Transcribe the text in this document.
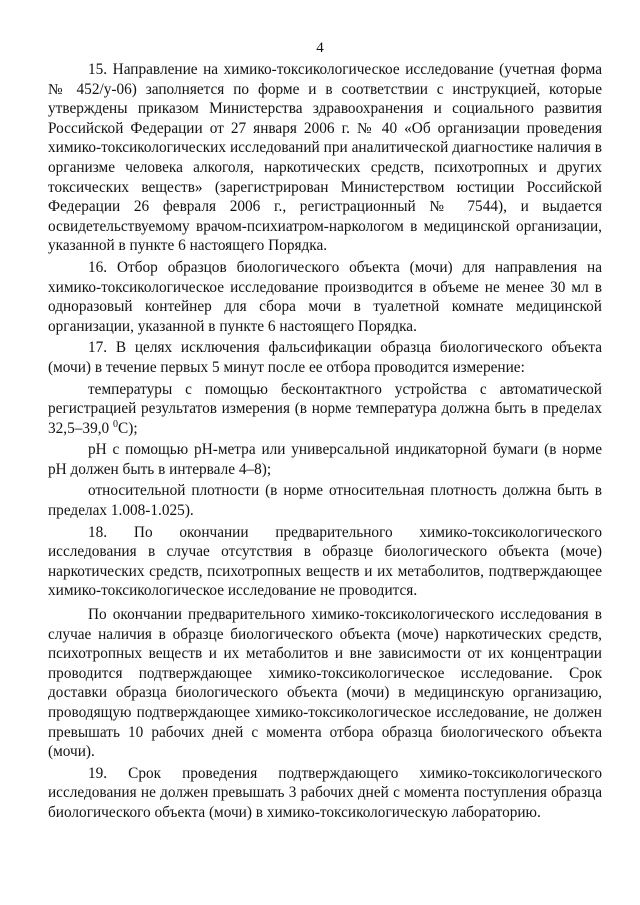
4

15. Направление на химико-токсикологическое исследование (учетная форма № 452/у-06) заполняется по форме и в соответствии с инструкцией, которые утверждены приказом Министерства здравоохранения и социального развития Российской Федерации от 27 января 2006 г. № 40 «Об организации проведения химико-токсикологических исследований при аналитической диагностике наличия в организме человека алкоголя, наркотических средств, психотропных и других токсических веществ» (зарегистрирован Министерством юстиции Российской Федерации 26 февраля 2006 г., регистрационный № 7544), и выдается освидетельствуемому врачом-психиатром-наркологом в медицинской организации, указанной в пункте 6 настоящего Порядка.

16. Отбор образцов биологического объекта (мочи) для направления на химико-токсикологическое исследование производится в объеме не менее 30 мл в одноразовый контейнер для сбора мочи в туалетной комнате медицинской организации, указанной в пункте 6 настоящего Порядка.

17. В целях исключения фальсификации образца биологического объекта (мочи) в течение первых 5 минут после ее отбора проводится измерение:

температуры с помощью бесконтактного устройства с автоматической регистрацией результатов измерения (в норме температура должна быть в пределах 32,5–39,0 $^0$С);

pH с помощью pH-метра или универсальной индикаторной бумаги (в норме pH должен быть в интервале 4–8);

относительной плотности (в норме относительная плотность должна быть в пределах 1.008-1.025).

18. По окончании предварительного химико-токсикологического исследования в случае отсутствия в образце биологического объекта (моче) наркотических средств, психотропных веществ и их метаболитов, подтверждающее химико-токсикологическое исследование не проводится.

По окончании предварительного химико-токсикологического исследования в случае наличия в образце биологического объекта (моче) наркотических средств, психотропных веществ и их метаболитов и вне зависимости от их концентрации проводится подтверждающее химико-токсикологическое исследование. Срок доставки образца биологического объекта (мочи) в медицинскую организацию, проводящую подтверждающее химико-токсикологическое исследование, не должен превышать 10 рабочих дней с момента отбора образца биологического объекта (мочи).

19. Срок проведения подтверждающего химико-токсикологического исследования не должен превышать 3 рабочих дней с момента поступления образца биологического объекта (мочи) в химико-токсикологическую лабораторию.
